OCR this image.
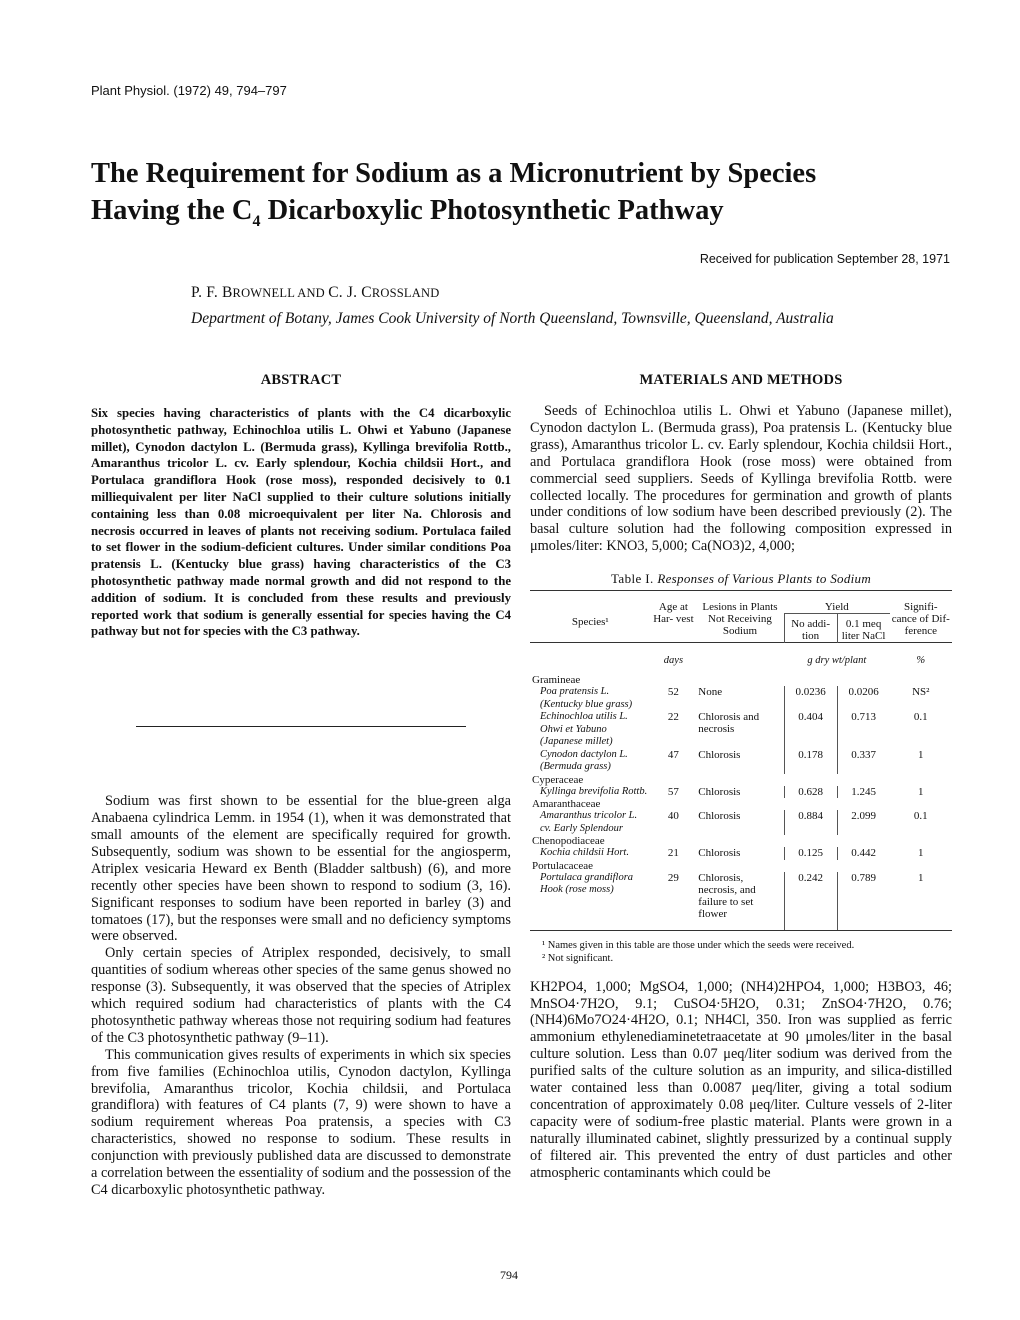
Plant Physiol. (1972) 49, 794–797
The Requirement for Sodium as a Micronutrient by Species
Having the $C_4$ Dicarboxylic Photosynthetic Pathway
Received for publication September 28, 1971
P. F. BROWNELL AND C. J. CROSSLAND
Department of Botany, James Cook University of North Queensland, Townsville, Queensland, Australia
ABSTRACT

Six species having characteristics of plants with the C4 dicarboxylic photosynthetic pathway, Echinochloa utilis L. Ohwi et Yabuno (Japanese millet), Cynodon dactylon L. (Bermuda grass), Kyllinga brevifolia Rottb., Amaranthus tricolor L. cv. Early splendour, Kochia childsii Hort., and Portulaca grandiflora Hook (rose moss), responded decisively to 0.1 milliequivalent per liter NaCl supplied to their culture solutions initially containing less than 0.08 microequivalent per liter Na. Chlorosis and necrosis occurred in leaves of plants not receiving sodium. Portulaca failed to set flower in the sodium-deficient cultures. Under similar conditions Poa pratensis L. (Kentucky blue grass) having characteristics of the C3 photosynthetic pathway made normal growth and did not respond to the addition of sodium. It is concluded from these results and previously reported work that sodium is generally essential for species having the C4 pathway but not for species with the C3 pathway.

Sodium was first shown to be essential for the blue-green alga Anabaena cylindrica Lemm. in 1954 (1), when it was demonstrated that small amounts of the element are specifically required for growth. Subsequently, sodium was shown to be essential for the angiosperm, Atriplex vesicaria Heward ex Benth (Bladder saltbush) (6), and more recently other species have been shown to respond to sodium (3, 16). Significant responses to sodium have been reported in barley (3) and tomatoes (17), but the responses were small and no deficiency symptoms were observed.

Only certain species of Atriplex responded, decisively, to small quantities of sodium whereas other species of the same genus showed no response (3). Subsequently, it was observed that the species of Atriplex which required sodium had characteristics of plants with the C4 photosynthetic pathway whereas those not requiring sodium had features of the C3 photosynthetic pathway (9–11).

This communication gives results of experiments in which six species from five families (Echinochloa utilis, Cynodon dactylon, Kyllinga brevifolia, Amaranthus tricolor, Kochia childsii, and Portulaca grandiflora) with features of C4 plants (7, 9) were shown to have a sodium requirement whereas Poa pratensis, a species with C3 characteristics, showed no response to sodium. These results in conjunction with previously published data are discussed to demonstrate a correlation between the essentiality of sodium and the possession of the C4 dicarboxylic photosynthetic pathway.

MATERIALS AND METHODS

Seeds of Echinochloa utilis L. Ohwi et Yabuno (Japanese millet), Cynodon dactylon L. (Bermuda grass), Poa pratensis L. (Kentucky blue grass), Amaranthus tricolor L. cv. Early splendour, Kochia childsii Hort., and Portulaca grandiflora Hook (rose moss) were obtained from commercial seed suppliers. Seeds of Kyllinga brevifolia Rottb. were collected locally. The procedures for germination and growth of plants under conditions of low sodium have been described previously (2). The basal culture solution had the following composition expressed in μmoles/liter: KNO3, 5,000; Ca(NO3)2, 4,000;

Table I. Responses of Various Plants to Sodium
Species¹	Age at Har- vest	Lesions in Plants Not Receiving Sodium	Yield		Signifi- cance of Dif- ference
			No addi- tion	0.1 meq liter NaCl	
	days		g dry wt/plant		%
Gramineae					
Poa pratensis L. (Kentucky blue grass)	52	None	0.0236	0.0206	NS²
Echinochloa utilis L. Ohwi et Yabuno (Japanese millet)	22	Chlorosis and necrosis	0.404	0.713	0.1
Cynodon dactylon L. (Bermuda grass)	47	Chlorosis	0.178	0.337	1
Cyperaceae					
Kyllinga brevifolia Rottb.	57	Chlorosis	0.628	1.245	1
Amaranthaceae					
Amaranthus tricolor L. cv. Early Splendour	40	Chlorosis	0.884	2.099	0.1
Chenopodiaceae					
Kochia childsii Hort.	21	Chlorosis	0.125	0.442	1
Portulacaceae					
Portulaca grandiflora Hook (rose moss)	29	Chlorosis, necrosis, and failure to set flower	0.242	0.789	1
¹ Names given in this table are those under which the seeds were received.
² Not significant.

KH2PO4, 1,000; MgSO4, 1,000; (NH4)2HPO4, 1,000; H3BO3, 46; MnSO4·7H2O, 9.1; CuSO4·5H2O, 0.31; ZnSO4·7H2O, 0.76; (NH4)6Mo7O24·4H2O, 0.1; NH4Cl, 350. Iron was supplied as ferric ammonium ethylenediaminetetraacetate at 90 μmoles/liter in the basal culture solution. Less than 0.07 μeq/liter sodium was derived from the purified salts of the culture solution as an impurity, and silica-distilled water contained less than 0.0087 μeq/liter, giving a total sodium concentration of approximately 0.08 μeq/liter. Culture vessels of 2-liter capacity were of sodium-free plastic material. Plants were grown in a naturally illuminated cabinet, slightly pressurized by a continual supply of filtered air. This prevented the entry of dust particles and other atmospheric contaminants which could be

794
